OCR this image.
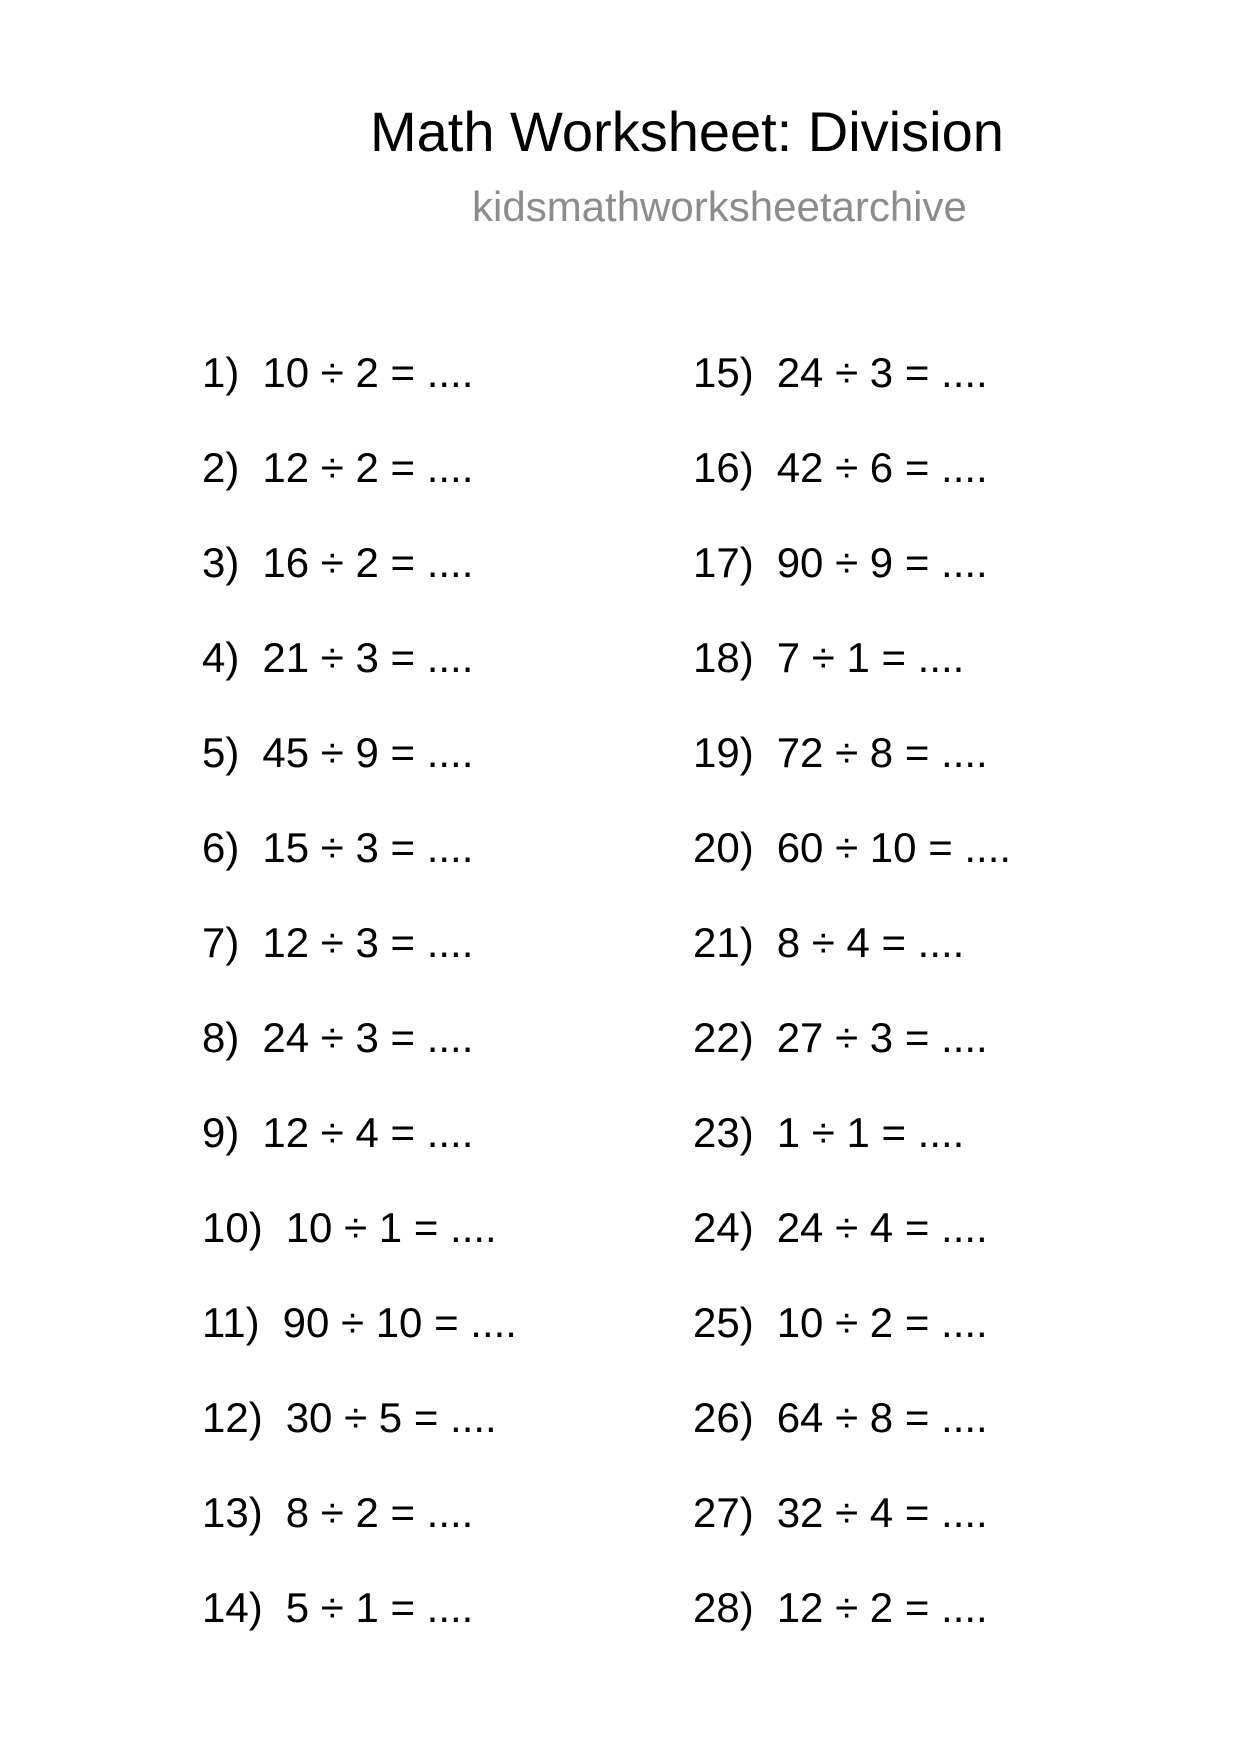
Math Worksheet: Division
kidsmathworksheetarchive
1) 10 ÷ 2 = ....
2) 12 ÷ 2 = ....
3) 16 ÷ 2 = ....
4) 21 ÷ 3 = ....
5) 45 ÷ 9 = ....
6) 15 ÷ 3 = ....
7) 12 ÷ 3 = ....
8) 24 ÷ 3 = ....
9) 12 ÷ 4 = ....
10) 10 ÷ 1 = ....
11) 90 ÷ 10 = ....
12) 30 ÷ 5 = ....
13) 8 ÷ 2 = ....
14) 5 ÷ 1 = ....
15) 24 ÷ 3 = ....
16) 42 ÷ 6 = ....
17) 90 ÷ 9 = ....
18) 7 ÷ 1 = ....
19) 72 ÷ 8 = ....
20) 60 ÷ 10 = ....
21) 8 ÷ 4 = ....
22) 27 ÷ 3 = ....
23) 1 ÷ 1 = ....
24) 24 ÷ 4 = ....
25) 10 ÷ 2 = ....
26) 64 ÷ 8 = ....
27) 32 ÷ 4 = ....
28) 12 ÷ 2 = ....
